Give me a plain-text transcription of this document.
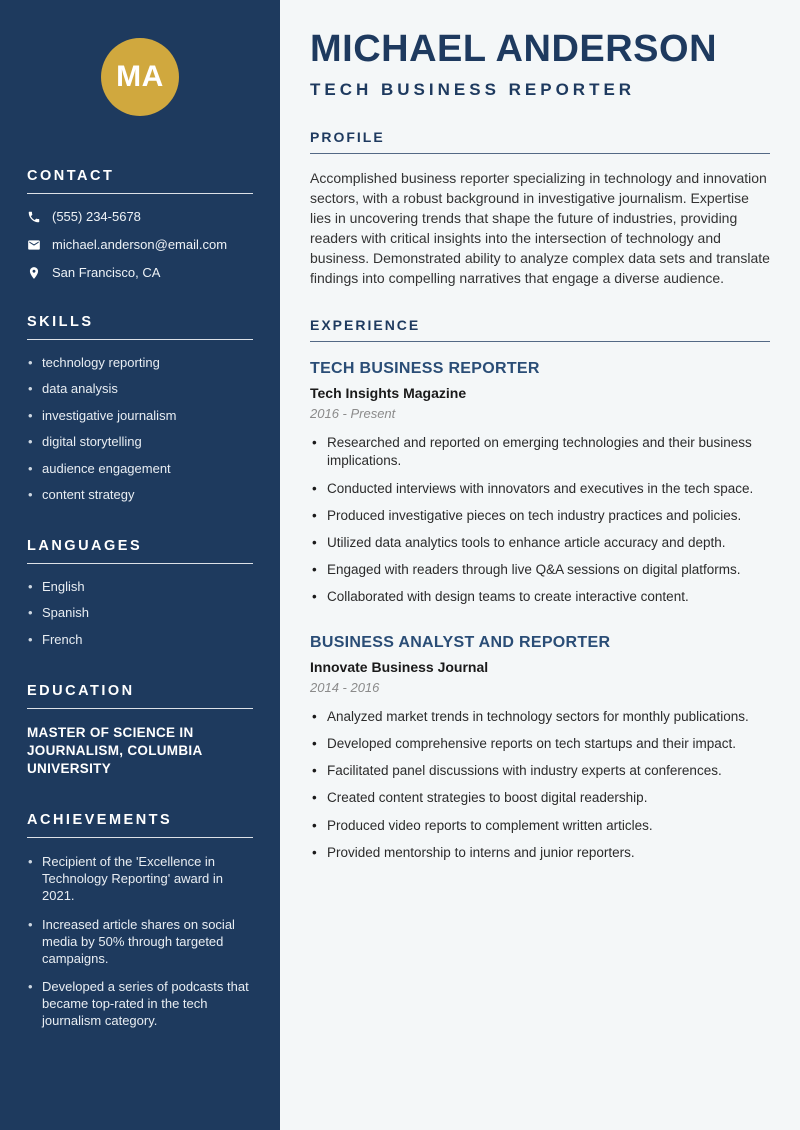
MA
CONTACT
(555) 234-5678
michael.anderson@email.com
San Francisco, CA
SKILLS
• technology reporting
• data analysis
• investigative journalism
• digital storytelling
• audience engagement
• content strategy
LANGUAGES
• English
• Spanish
• French
EDUCATION

MASTER OF SCIENCE IN JOURNALISM, COLUMBIA UNIVERSITY

ACHIEVEMENTS
• Recipient of the 'Excellence in Technology Reporting' award in 2021.
• Increased article shares on social media by 50% through targeted campaigns.
• Developed a series of podcasts that became top-rated in the tech journalism category.
MICHAEL ANDERSON
TECH BUSINESS REPORTER
PROFILE

Accomplished business reporter specializing in technology and innovation sectors, with a robust background in investigative journalism. Expertise lies in uncovering trends that shape the future of industries, providing readers with critical insights into the intersection of technology and business. Demonstrated ability to analyze complex data sets and translate findings into compelling narratives that engage a diverse audience.

EXPERIENCE
TECH BUSINESS REPORTER
Tech Insights Magazine
2016 - Present
• Researched and reported on emerging technologies and their business implications.
• Conducted interviews with innovators and executives in the tech space.
• Produced investigative pieces on tech industry practices and policies.
• Utilized data analytics tools to enhance article accuracy and depth.
• Engaged with readers through live Q&A sessions on digital platforms.
• Collaborated with design teams to create interactive content.
BUSINESS ANALYST AND REPORTER
Innovate Business Journal
2014 - 2016
• Analyzed market trends in technology sectors for monthly publications.
• Developed comprehensive reports on tech startups and their impact.
• Facilitated panel discussions with industry experts at conferences.
• Created content strategies to boost digital readership.
• Produced video reports to complement written articles.
• Provided mentorship to interns and junior reporters.
